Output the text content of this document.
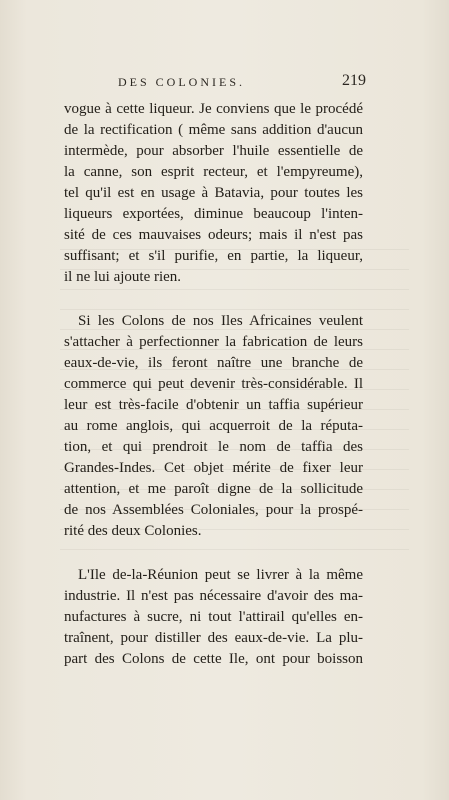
DES COLONIES.	219
vogue à cette liqueur. Je conviens que le procédé
de la rectification ( même sans addition d'aucun
intermède, pour absorber l'huile essentielle de
la canne, son esprit recteur, et l'empyreume),
tel qu'il est en usage à Batavia, pour toutes les
liqueurs exportées, diminue beaucoup l'inten-
sité de ces mauvaises odeurs; mais il n'est pas
suffisant; et s'il purifie, en partie, la liqueur,
il ne lui ajoute rien.
Si les Colons de nos Iles Africaines veulent
s'attacher à perfectionner la fabrication de leurs
eaux-de-vie, ils feront naître une branche de
commerce qui peut devenir très-considérable. Il
leur est très-facile d'obtenir un taffia supérieur
au rome anglois, qui acquerroit de la réputa-
tion, et qui prendroit le nom de taffia des
Grandes-Indes. Cet objet mérite de fixer leur
attention, et me paroît digne de la sollicitude
de nos Assemblées Coloniales, pour la prospé-
rité des deux Colonies.
L'Ile de-la-Réunion peut se livrer à la même
industrie. Il n'est pas nécessaire d'avoir des ma-
nufactures à sucre, ni tout l'attirail qu'elles en-
traînent, pour distiller des eaux-de-vie. La plu-
part des Colons de cette Ile, ont pour boisson
